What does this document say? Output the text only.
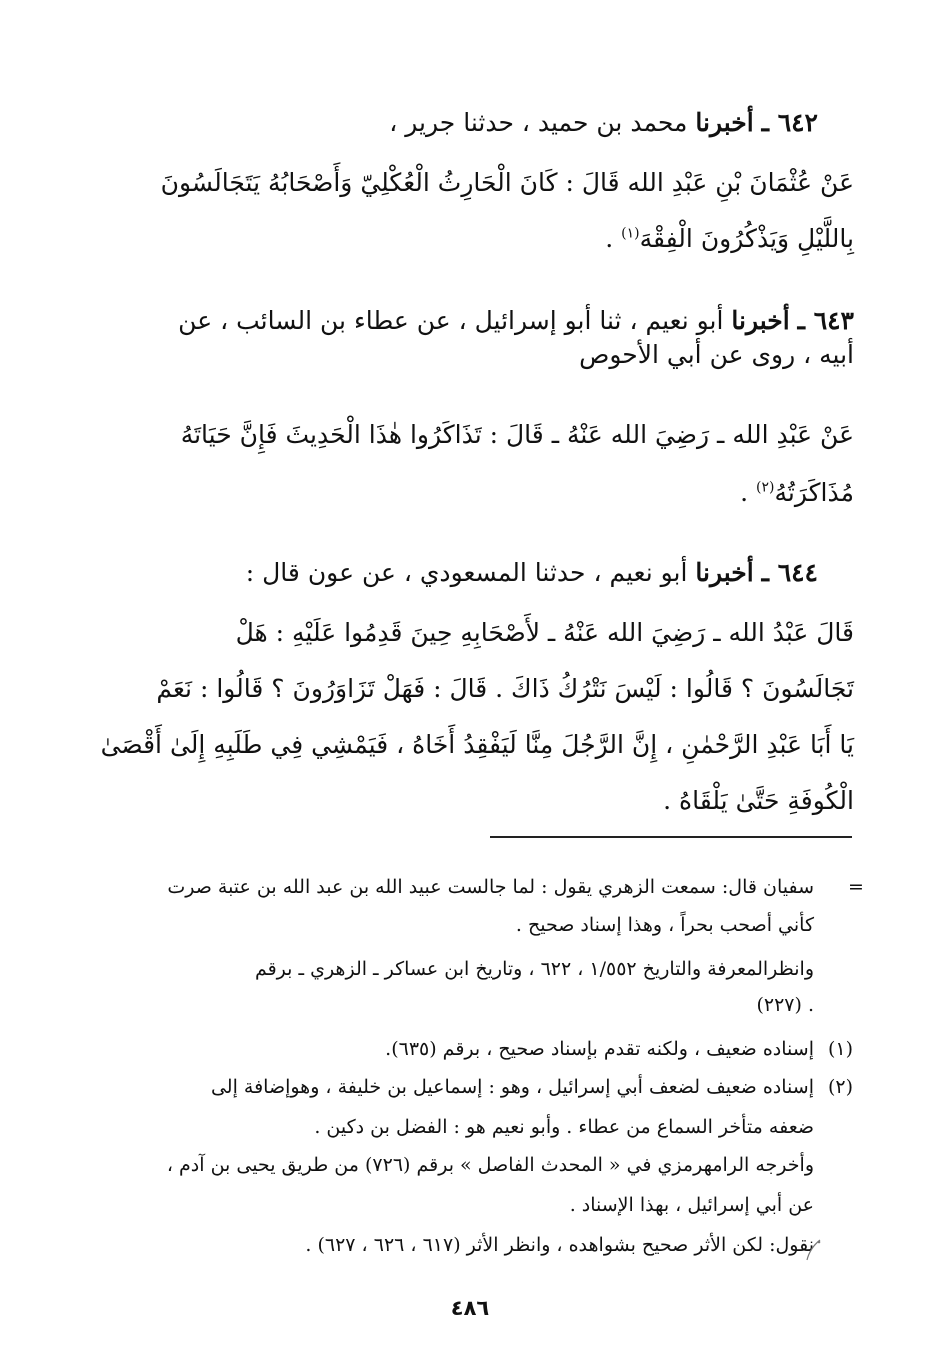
٦٤٢ ـ أخبرنا محمد بن حميد ، حدثنا جرير ،
عَنْ عُثْمَانَ بْنِ عَبْدِ الله قَالَ : كَانَ الْحَارِثُ الْعُكْلِيّ وَأَصْحَابُهُ يَتَجَالَسُونَ
بِاللَّيْلِ وَيَذْكُرُونَ الْفِقْهَ$^{(١)}$ .
٦٤٣ ـ أخبرنا أبو نعيم ، ثنا أبو إسرائيل ، عن عطاء بن السائب ، عن
أبيه ، روى عن أبي الأحوص
عَنْ عَبْدِ الله ـ رَضِيَ الله عَنْهُ ـ قَالَ : تَذَاكَرُوا هٰذَا الْحَدِيثَ فَإِنَّ حَيَاتَهُ
مُذَاكَرَتُهُ$^{(٢)}$ .
٦٤٤ ـ أخبرنا أبو نعيم ، حدثنا المسعودي ، عن عون قال :
قَالَ عَبْدُ الله ـ رَضِيَ الله عَنْهُ ـ لأَصْحَابِهِ حِينَ قَدِمُوا عَلَيْهِ : هَلْ
تَجَالَسُونَ ؟ قَالُوا : لَيْسَ نَتْرُكُ ذَاكَ . قَالَ : فَهَلْ تَزَاوَرُونَ ؟ قَالُوا : نَعَمْ
يَا أَبَا عَبْدِ الرَّحْمٰنِ ، إِنَّ الرَّجُلَ مِنَّا لَيَفْقِدُ أَخَاهُ ، فَيَمْشِي فِي طَلَبِهِ إِلَىٰ أَقْصَىٰ
الْكُوفَةِ حَتَّىٰ يَلْقَاهُ .
=
سفيان قال: سمعت الزهري يقول : لما جالست عبيد الله بن عبد الله بن عتبة صرت
كأني أصحب بحراً ، وهذا إسناد صحيح .
وانظرالمعرفة والتاريخ ١/٥٥٢ ، ٦٢٢ ، وتاريخ ابن عساكر ـ الزهري ـ برقم
(٢٢٧) .
(١)
إسناده ضعيف ، ولكنه تقدم بإسناد صحيح ، برقم (٦٣٥).
(٢)
إسناده ضعيف لضعف أبي إسرائيل ، وهو : إسماعيل بن خليفة ، وهوإضافة إلى
ضعفه متأخر السماع من عطاء . وأبو نعيم هو : الفضل بن دكين .
وأخرجه الرامهرمزي في « المحدث الفاصل » برقم (٧٢٦) من طريق يحيى بن آدم ،
عن أبي إسرائيل ، بهذا الإسناد .
نقول: لكن الأثر صحيح بشواهده ، وانظر الأثر (٦١٧ ، ٦٢٦ ، ٦٢٧) .
٤٨٦
